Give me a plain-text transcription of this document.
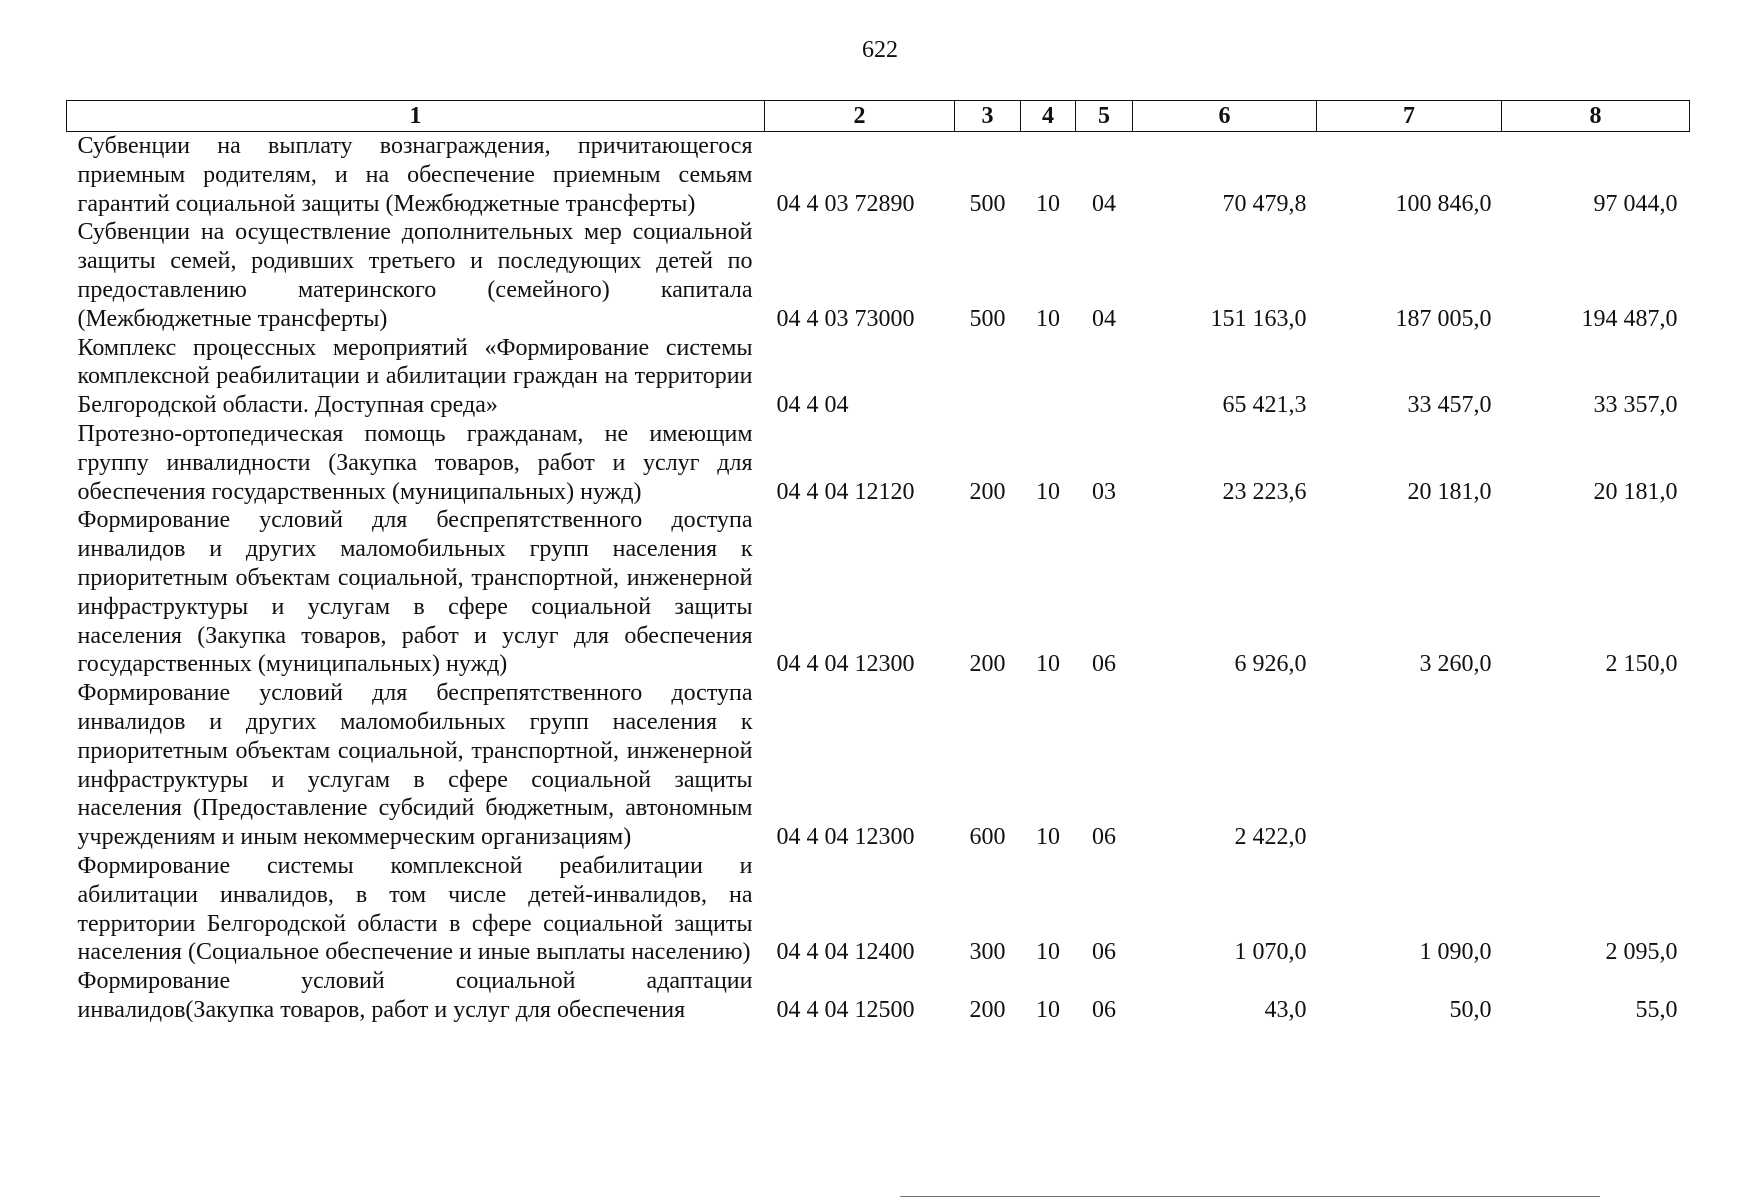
622
1	2	3	4	5	6	7	8
Субвенции на выплату вознаграждения, причитающегося приемным родителям, и на обеспечение приемным семьям гарантий социальной защиты (Межбюджетные трансферты)	04 4 03 72890	500	10	04	70 479,8	100 846,0	97 044,0
Субвенции на осуществление дополнительных мер социальной защиты семей, родивших третьего и последующих детей по предоставлению материнского (семейного) капитала (Межбюджетные трансферты)	04 4 03 73000	500	10	04	151 163,0	187 005,0	194 487,0
Комплекс процессных мероприятий «Формирование системы комплексной реабилитации и абилитации граждан на территории Белгородской области. Доступная среда»	04 4 04				65 421,3	33 457,0	33 357,0
Протезно-ортопедическая помощь гражданам, не имеющим группу инвалидности (Закупка товаров, работ и услуг для обеспечения государственных (муниципальных) нужд)	04 4 04 12120	200	10	03	23 223,6	20 181,0	20 181,0
Формирование условий для беспрепятственного доступа инвалидов и других маломобильных групп населения к приоритетным объектам социальной, транспортной, инженерной инфраструктуры и услугам в сфере социальной защиты населения (Закупка товаров, работ и услуг для обеспечения государственных (муниципальных) нужд)	04 4 04 12300	200	10	06	6 926,0	3 260,0	2 150,0
Формирование условий для беспрепятственного доступа инвалидов и других маломобильных групп населения к приоритетным объектам социальной, транспортной, инженерной инфраструктуры и услугам в сфере социальной защиты населения (Предоставление субсидий бюджетным, автономным учреждениям и иным некоммерческим организациям)	04 4 04 12300	600	10	06	2 422,0		
Формирование системы комплексной реабилитации и абилитации инвалидов, в том числе детей-инвалидов, на территории Белгородской области в сфере социальной защиты населения (Социальное обеспечение и иные выплаты населению)	04 4 04 12400	300	10	06	1 070,0	1 090,0	2 095,0
Формирование условий социальной адаптации инвалидов(Закупка товаров, работ и услуг для обеспечения	04 4 04 12500	200	10	06	43,0	50,0	55,0
